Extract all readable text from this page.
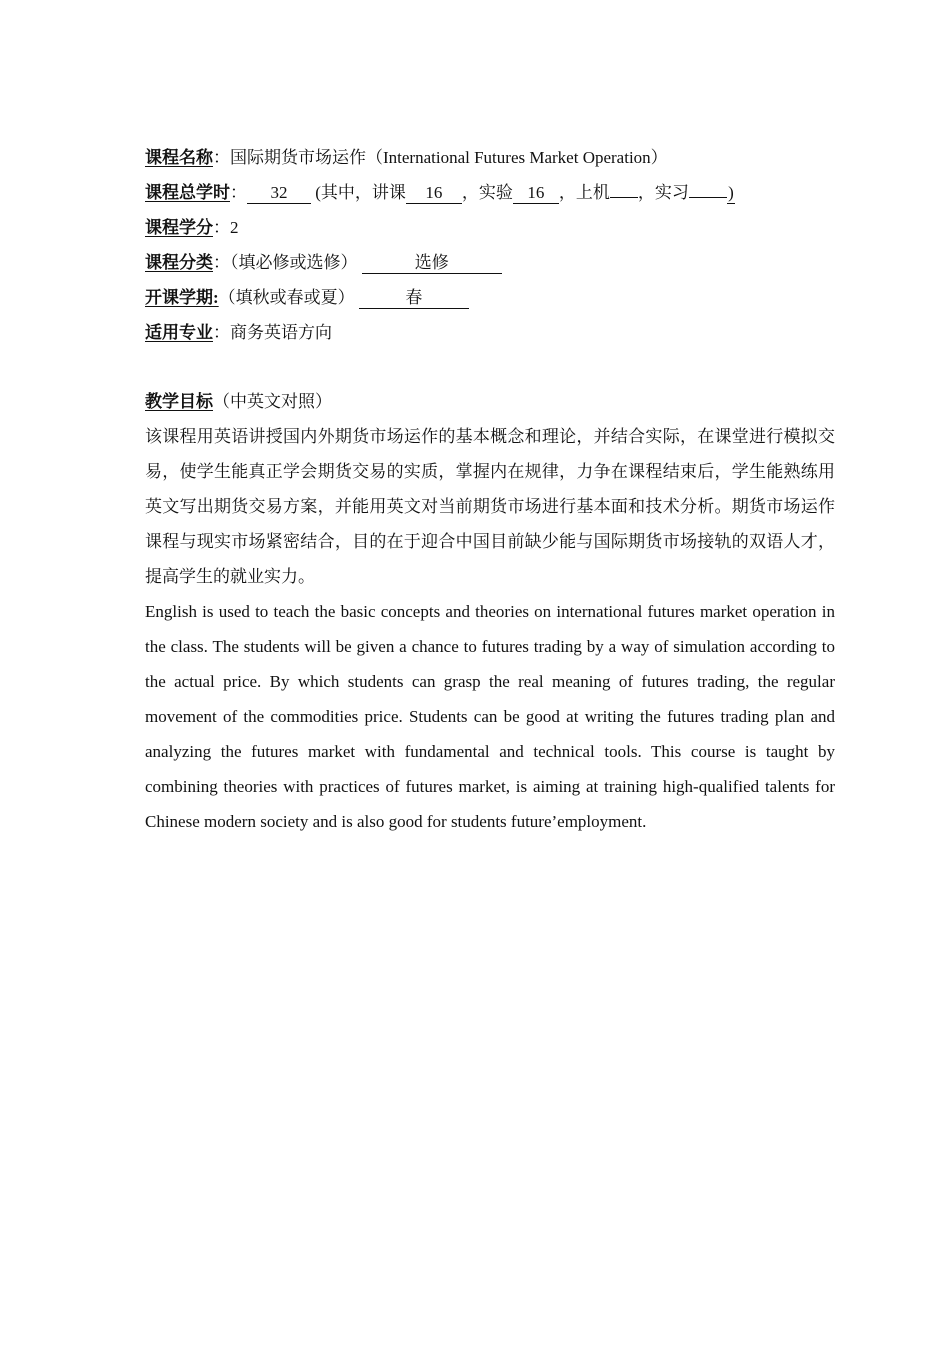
课程名称：国际期货市场运作（International Futures Market Operation）
课程总学时： 32 (其中，讲课 16 ，实验 16 ，上机 ，实习 )
课程学分：2
课程分类：（填必修或选修）	选修
开课学期:（填秋或春或夏）	春
适用专业：商务英语方向
教学目标（中英文对照）

该课程用英语讲授国内外期货市场运作的基本概念和理论，并结合实际，在课堂进行模拟交易，使学生能真正学会期货交易的实质，掌握内在规律，力争在课程结束后，学生能熟练用英文写出期货交易方案，并能用英文对当前期货市场进行基本面和技术分析。期货市场运作课程与现实市场紧密结合，目的在于迎合中国目前缺少能与国际期货市场接轨的双语人才，提高学生的就业实力。

English is used to teach the basic concepts and theories on international futures market operation in the class. The students will be given a chance to futures trading by a way of simulation according to the actual price. By which students can grasp the real meaning of futures trading, the regular movement of the commodities price. Students can be good at writing the futures trading plan and analyzing the futures market with fundamental and technical tools. This course is taught by combining theories with practices of futures market, is aiming at training high-qualified talents for Chinese modern society and is also good for students future’employment.
